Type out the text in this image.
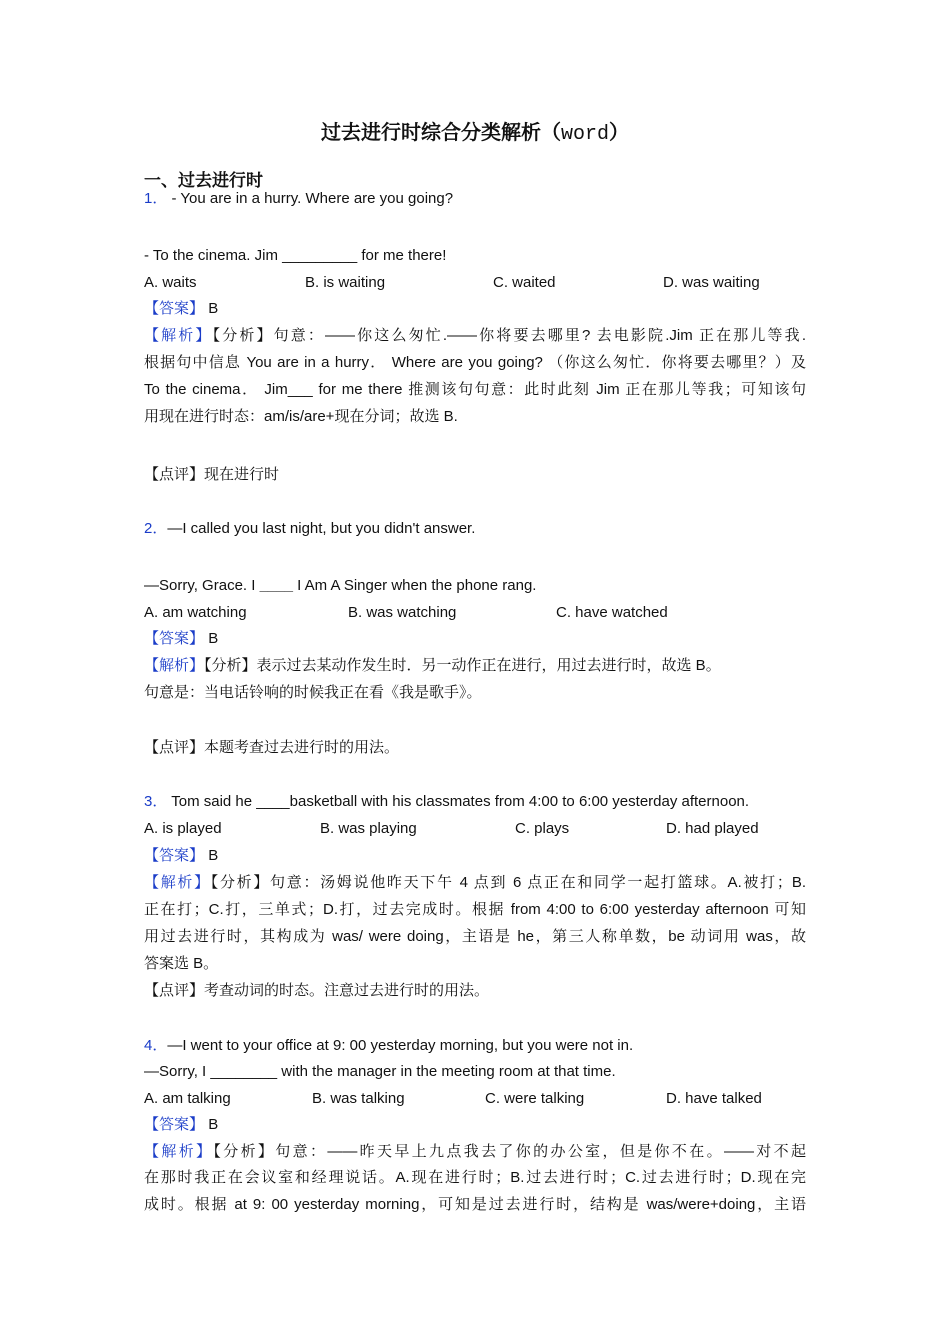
过去进行时综合分类解析（word）
一、过去进行时
1． - You are in a hurry. Where are you going?
- To the cinema. Jim _________ for me there!
A. waits	B. is waiting	C. waited	D. was waiting
【答案】 B
【解析】【分析】句意：——你这么匆忙.——你将要去哪里? 去电影院.Jim 正在那儿等我.
根据句中信息 You are in a hurry． Where are you going? （你这么匆忙．你将要去哪里？）及
To the cinema． Jim___ for me there 推测该句句意：此时此刻 Jim 正在那儿等我；可知该句
用现在进行时态：am/is/are+现在分词；故选 B.
【点评】现在进行时
2．—I called you last night, but you didn't answer.
—Sorry, Grace. I ____ I Am A Singer when the phone rang.
A. am watching	B. was watching	C. have watched
【答案】 B
【解析】【分析】表示过去某动作发生时．另一动作正在进行，用过去进行时，故选 B。
句意是：当电话铃响的时候我正在看《我是歌手》。
【点评】本题考查过去进行时的用法。
3． Tom said he ____basketball with his classmates from 4:00 to 6:00 yesterday afternoon.
A. is played	B. was playing	C. plays	D. had played
【答案】 B
【解析】【分析】句意：汤姆说他昨天下午 4 点到 6 点正在和同学一起打篮球。A.被打；B.
正在打；C.打，三单式；D.打，过去完成时。根据 from 4:00 to 6:00 yesterday afternoon 可知
用过去进行时，其构成为 was/ were doing，主语是 he，第三人称单数，be 动词用 was，故
答案选 B。
【点评】考查动词的时态。注意过去进行时的用法。
4．—I went to your office at 9: 00 yesterday morning, but you were not in.
—Sorry, I ________ with the manager in the meeting room at that time.
A. am talking	B. was talking	C. were talking	D. have talked
【答案】 B
【解析】【分析】句意：——昨天早上九点我去了你的办公室，但是你不在。——对不起
在那时我正在会议室和经理说话。A.现在进行时；B.过去进行时；C.过去进行时；D.现在完
成时。根据 at 9: 00 yesterday morning，可知是过去进行时，结构是 was/were+doing，主语
